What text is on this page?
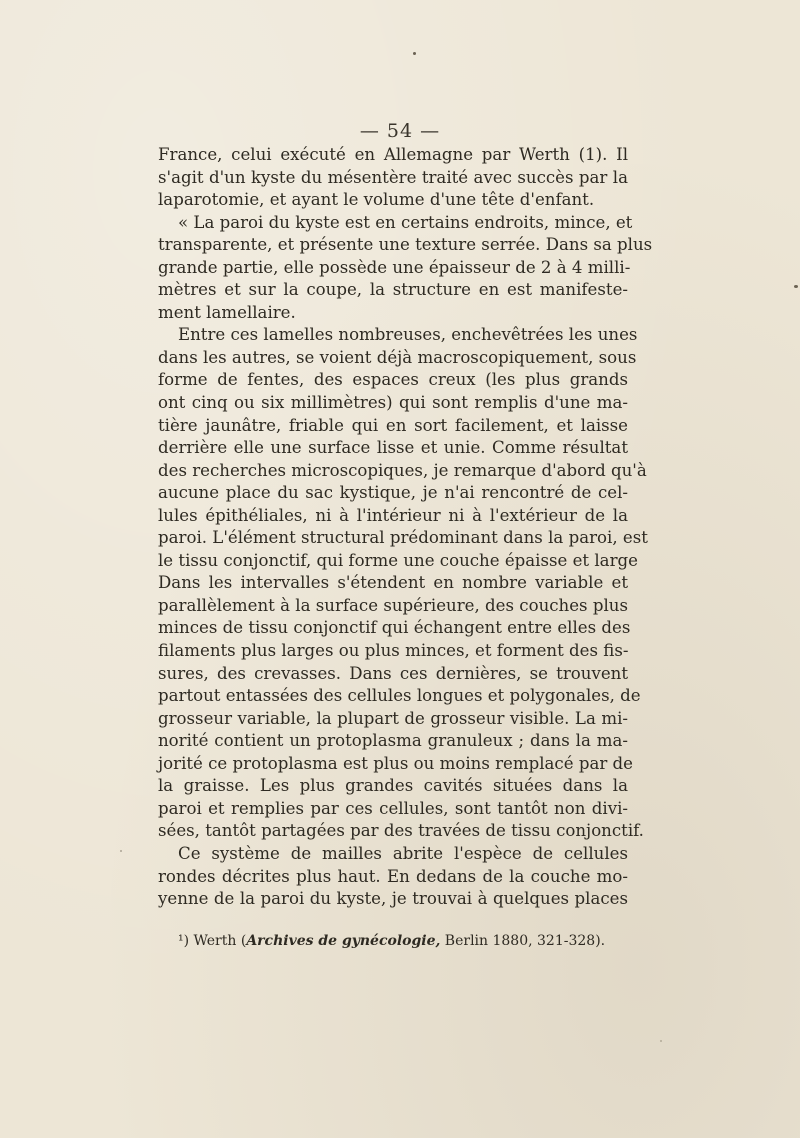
— 54 —
France, celui exécuté en Allemagne par Werth (1). Il
s'agit d'un kyste du mésentère traité avec succès par la
laparotomie, et ayant le volume d'une tête d'enfant.
« La paroi du kyste est en certains endroits, mince, et
transparente, et présente une texture serrée. Dans sa plus
grande partie, elle possède une épaisseur de 2 à 4 milli-
mètres et sur la coupe, la structure en est manifeste-
ment lamellaire.
Entre ces lamelles nombreuses, enchevêtrées les unes
dans les autres, se voient déjà macroscopiquement, sous
forme de fentes, des espaces creux (les plus grands
ont cinq ou six millimètres) qui sont remplis d'une ma-
tière jaunâtre, friable qui en sort facilement, et laisse
derrière elle une surface lisse et unie. Comme résultat
des recherches microscopiques, je remarque d'abord qu'à
aucune place du sac kystique, je n'ai rencontré de cel-
lules épithéliales, ni à l'intérieur ni à l'extérieur de la
paroi. L'élément structural prédominant dans la paroi, est
le tissu conjonctif, qui forme une couche épaisse et large
Dans les intervalles s'étendent en nombre variable et
parallèlement à la surface supérieure, des couches plus
minces de tissu conjonctif qui échangent entre elles des
filaments plus larges ou plus minces, et forment des fis-
sures, des crevasses. Dans ces dernières, se trouvent
partout entassées des cellules longues et polygonales, de
grosseur variable, la plupart de grosseur visible. La mi-
norité contient un protoplasma granuleux ; dans la ma-
jorité ce protoplasma est plus ou moins remplacé par de
la graisse. Les plus grandes cavités situées dans la
paroi et remplies par ces cellules, sont tantôt non divi-
sées, tantôt partagées par des travées de tissu conjonctif.
Ce système de mailles abrite l'espèce de cellules
rondes décrites plus haut. En dedans de la couche mo-
yenne de la paroi du kyste, je trouvai à quelques places
¹) Werth (Archives de gynécologie, Berlin 1880, 321-328).
